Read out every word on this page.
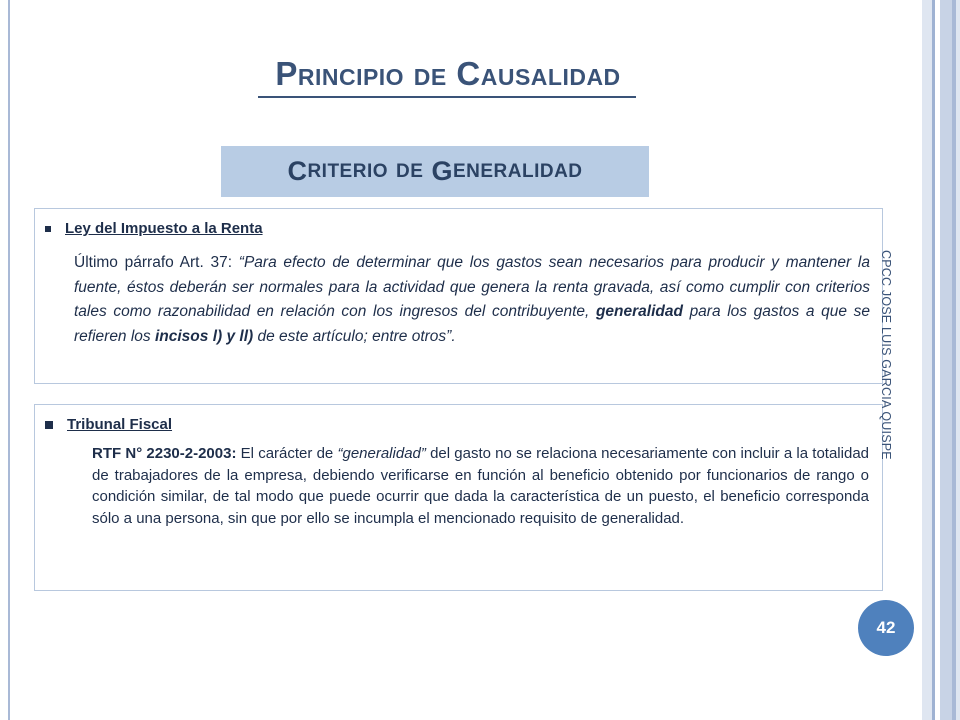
PRINCIPIO DE CAUSALIDAD
C RITERIO
DE
G ENERALIDAD
Ley del Impuesto a la Renta
Último párrafo Art. 37: “Para efecto de determinar que los gastos sean necesarios para producir y mantener la fuente, éstos deberán ser normales para la actividad que genera la renta gravada, así como cumplir con criterios tales como razonabilidad en relación con los ingresos del contribuyente, generalidad para los gastos a que se refieren los incisos l) y ll) de este artículo; entre otros”.
Tribunal Fiscal
RTF N° 2230-2-2003: El carácter de “generalidad” del gasto no se relaciona necesariamente con incluir a la totalidad de trabajadores de la empresa, debiendo verificarse en función al beneficio obtenido por funcionarios de rango o condición similar, de tal modo que puede ocurrir que dada la característica de un puesto, el beneficio corresponda sólo a una persona, sin que por ello se incumpla el mencionado requisito de generalidad.
CPCC JOSE LUIS GARCIA QUISPE
42
